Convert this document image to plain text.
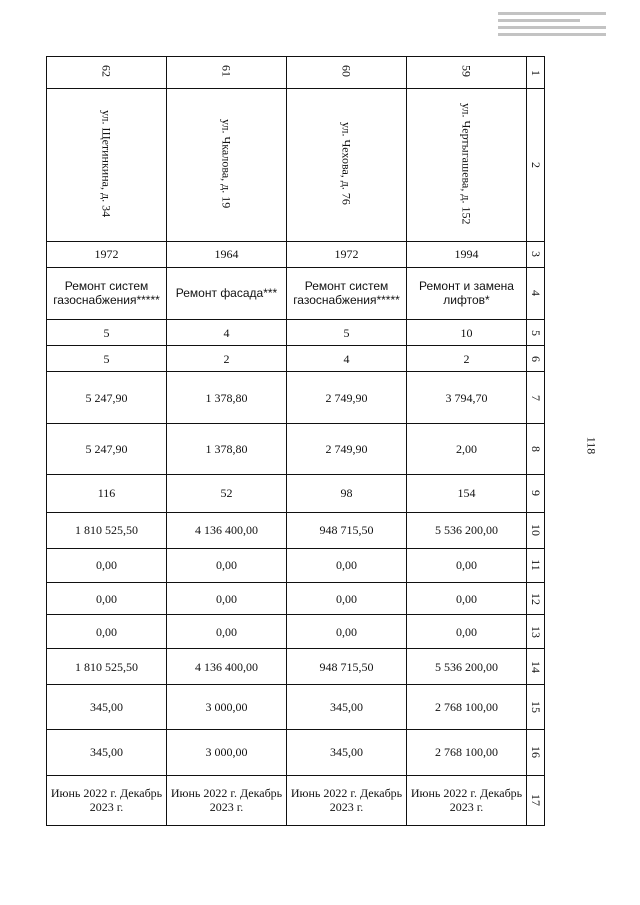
118
62	61	60	59	1
ул. Щетинкина, д. 34	ул. Чкалова, д. 19	ул. Чехова, д. 76	ул. Чертыгашева, д. 152	2
1972	1964	1972	1994	3
Ремонт систем газоснабжения*****	Ремонт фасада***	Ремонт систем газоснабжения*****	Ремонт и замена лифтов*	4
5	4	5	10	5
5	2	4	2	6
5 247,90	1 378,80	2 749,90	3 794,70	7
5 247,90	1 378,80	2 749,90	2,00	8
116	52	98	154	9
1 810 525,50	4 136 400,00	948 715,50	5 536 200,00	10
0,00	0,00	0,00	0,00	11
0,00	0,00	0,00	0,00	12
0,00	0,00	0,00	0,00	13
1 810 525,50	4 136 400,00	948 715,50	5 536 200,00	14
345,00	3 000,00	345,00	2 768 100,00	15
345,00	3 000,00	345,00	2 768 100,00	16
Июнь 2022 г. Декабрь 2023 г.	Июнь 2022 г. Декабрь 2023 г.	Июнь 2022 г. Декабрь 2023 г.	Июнь 2022 г. Декабрь 2023 г.	17
